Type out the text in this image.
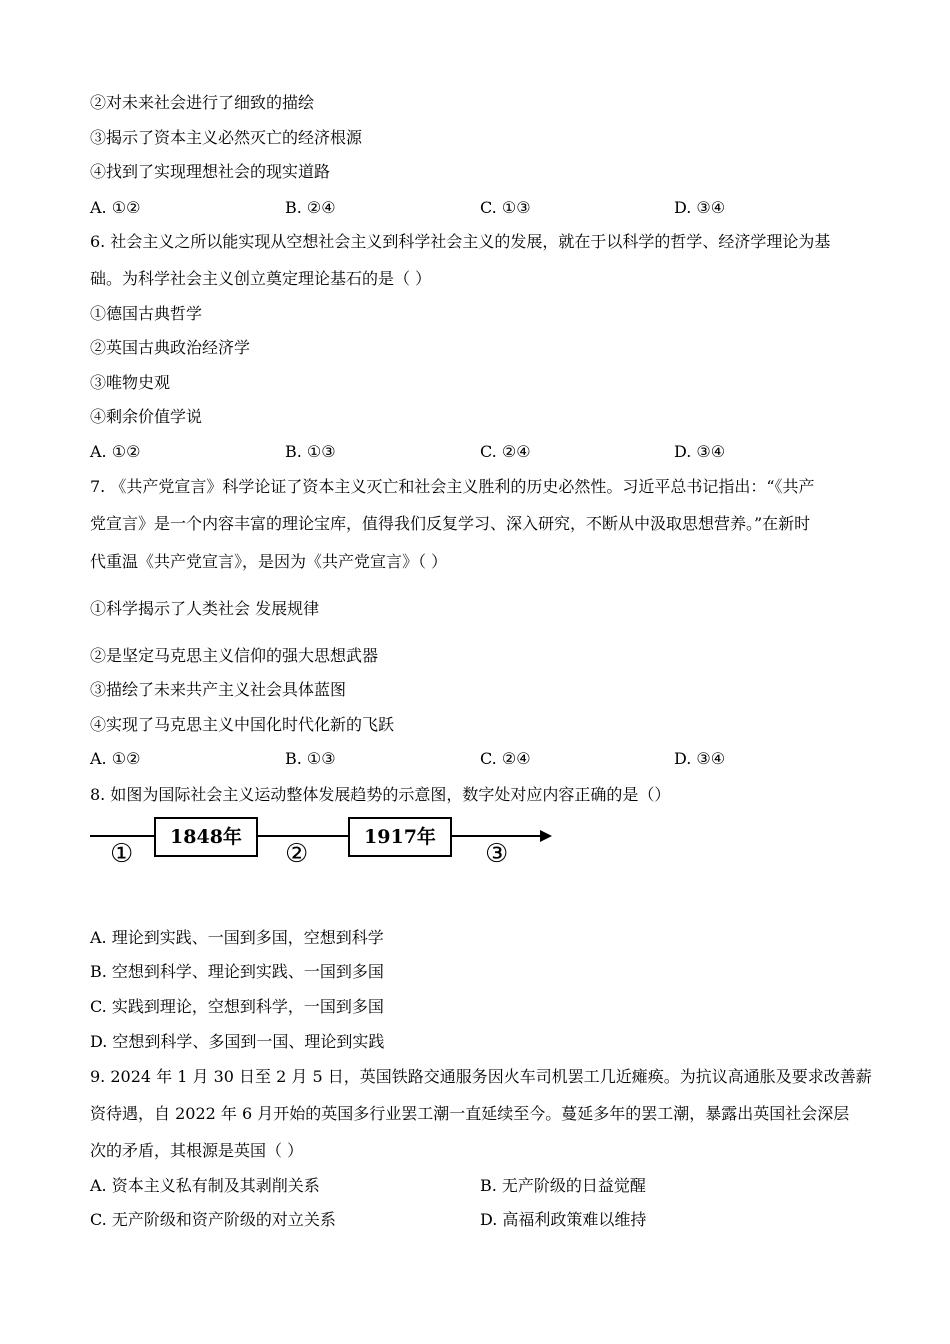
②对未来社会进行了细致的描绘
③揭示了资本主义必然灭亡的经济根源
④找到了实现理想社会的现实道路
A. ①②	B. ②④	C. ①③	D. ③④
6. 社会主义之所以能实现从空想社会主义到科学社会主义的发展，就在于以科学的哲学、经济学理论为基
础。为科学社会主义创立奠定理论基石的是（ ）
①德国古典哲学
②英国古典政治经济学
③唯物史观
④剩余价值学说
A. ①②	B. ①③	C. ②④	D. ③④
7. 《共产党宣言》科学论证了资本主义灭亡和社会主义胜利的历史必然性。习近平总书记指出：“《共产
党宣言》是一个内容丰富的理论宝库，值得我们反复学习、深入研究，不断从中汲取思想营养。”在新时
代重温《共产党宣言》，是因为《共产党宣言》（ ）
①科学揭示了人类社会 发展规律
②是坚定马克思主义信仰的强大思想武器
③描绘了未来共产主义社会具体蓝图
④实现了马克思主义中国化时代化新的飞跃
A. ①②	B. ①③	C. ②④	D. ③④
8. 如图为国际社会主义运动整体发展趋势的示意图，数字处对应内容正确的是（）
1848年	1917年
①	②	③
A. 理论到实践、一国到多国，空想到科学
B. 空想到科学、理论到实践、一国到多国
C. 实践到理论，空想到科学，一国到多国
D. 空想到科学、多国到一国、理论到实践
9. 2024 年 1 月 30 日至 2 月 5 日，英国铁路交通服务因火车司机罢工几近瘫痪。为抗议高通胀及要求改善薪
资待遇，自 2022 年 6 月开始的英国多行业罢工潮一直延续至今。蔓延多年的罢工潮，暴露出英国社会深层
次的矛盾，其根源是英国（ ）
A. 资本主义私有制及其剥削关系	B. 无产阶级的日益觉醒
C. 无产阶级和资产阶级的对立关系	D. 高福利政策难以维持
